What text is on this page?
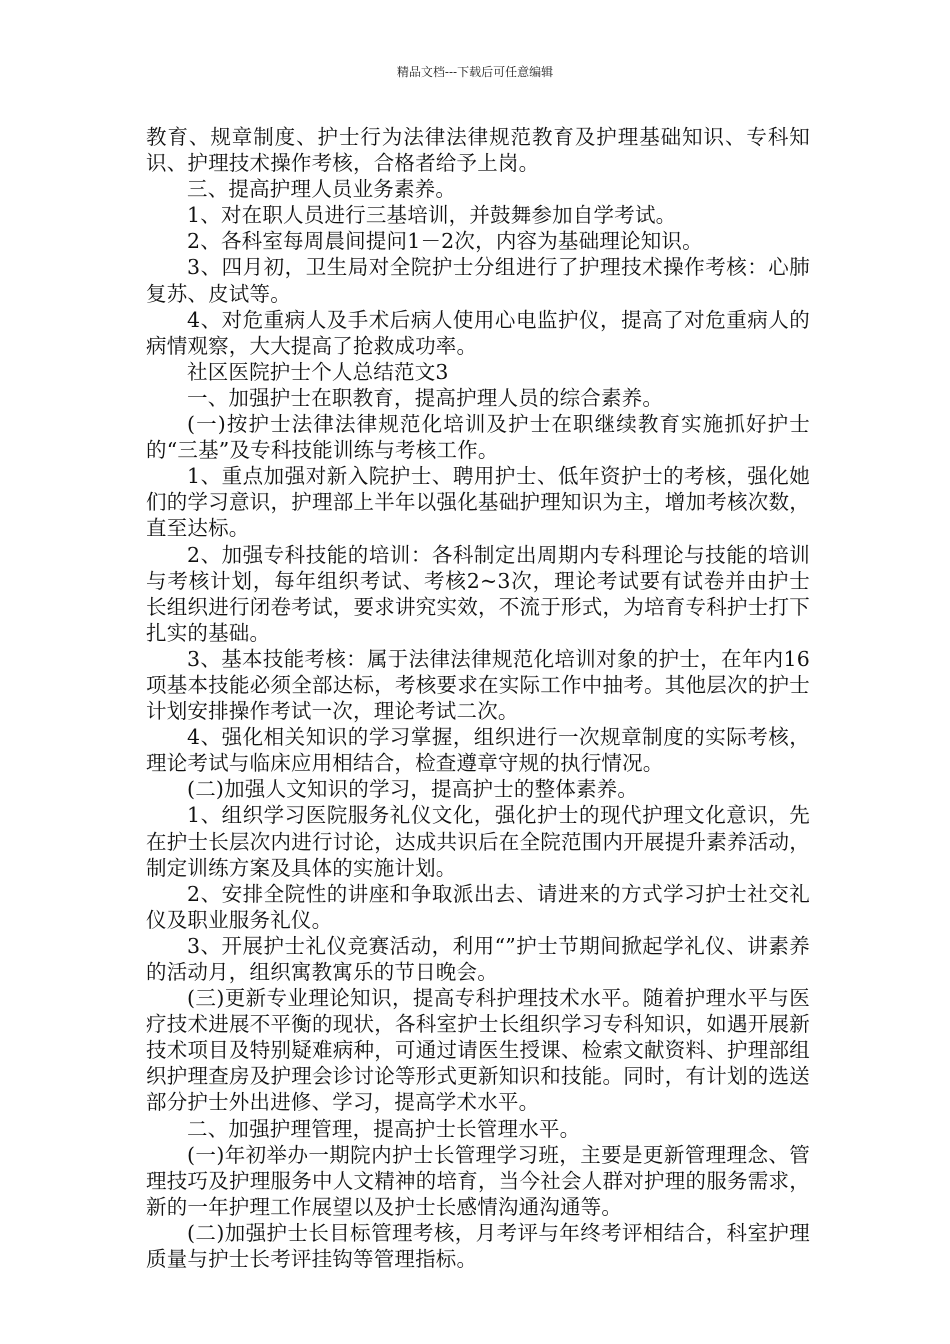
精品文档---下载后可任意编辑

教育、规章制度、护士行为法律法律规范教育及护理基础知识、专科知识、护理技术操作考核，合格者给予上岗。

三、提高护理人员业务素养。

1、对在职人员进行三基培训，并鼓舞参加自学考试。

2、各科室每周晨间提问1－2次，内容为基础理论知识。

3、四月初，卫生局对全院护士分组进行了护理技术操作考核：心肺复苏、皮试等。

4、对危重病人及手术后病人使用心电监护仪，提高了对危重病人的病情观察，大大提高了抢救成功率。

社区医院护士个人总结范文3

一、加强护士在职教育，提高护理人员的综合素养。

(一)按护士法律法律规范化培训及护士在职继续教育实施抓好护士的“三基”及专科技能训练与考核工作。

1、重点加强对新入院护士、聘用护士、低年资护士的考核，强化她们的学习意识，护理部上半年以强化基础护理知识为主，增加考核次数，直至达标。

2、加强专科技能的培训：各科制定出周期内专科理论与技能的培训与考核计划，每年组织考试、考核2~3次，理论考试要有试卷并由护士长组织进行闭卷考试，要求讲究实效，不流于形式，为培育专科护士打下扎实的基础。

3、基本技能考核：属于法律法律规范化培训对象的护士，在年内16项基本技能必须全部达标，考核要求在实际工作中抽考。其他层次的护士计划安排操作考试一次，理论考试二次。

4、强化相关知识的学习掌握，组织进行一次规章制度的实际考核，理论考试与临床应用相结合，检查遵章守规的执行情况。

(二)加强人文知识的学习，提高护士的整体素养。

1、组织学习医院服务礼仪文化，强化护士的现代护理文化意识，先在护士长层次内进行讨论，达成共识后在全院范围内开展提升素养活动，制定训练方案及具体的实施计划。

2、安排全院性的讲座和争取派出去、请进来的方式学习护士社交礼仪及职业服务礼仪。

3、开展护士礼仪竞赛活动，利用“”护士节期间掀起学礼仪、讲素养的活动月，组织寓教寓乐的节日晚会。

(三)更新专业理论知识，提高专科护理技术水平。随着护理水平与医疗技术进展不平衡的现状，各科室护士长组织学习专科知识，如遇开展新技术项目及特别疑难病种，可通过请医生授课、检索文献资料、护理部组织护理查房及护理会诊讨论等形式更新知识和技能。同时，有计划的选送部分护士外出进修、学习，提高学术水平。

二、加强护理管理，提高护士长管理水平。

(一)年初举办一期院内护士长管理学习班，主要是更新管理理念、管理技巧及护理服务中人文精神的培育，当今社会人群对护理的服务需求，新的一年护理工作展望以及护士长感情沟通沟通等。

(二)加强护士长目标管理考核，月考评与年终考评相结合，科室护理质量与护士长考评挂钩等管理指标。
